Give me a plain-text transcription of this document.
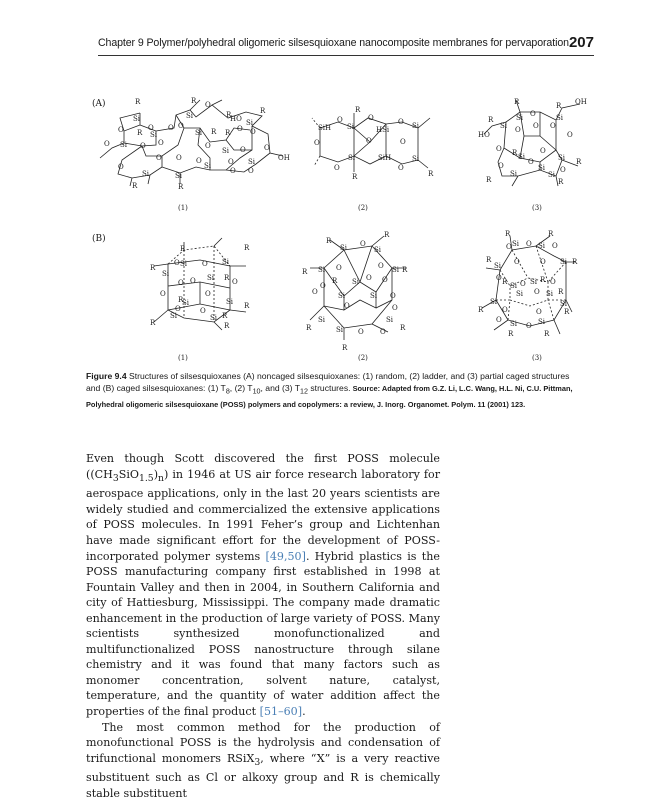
Chapter 9 Polymer/polyhedral oligomeric silsesquioxane nanocomposite membranes for pervaporation 207
(A)
(B)
R	R
Si	Si	R	R
O
O	O O O
HO Si
R Si	Si R R O O
Si O O	O
Si O	O
O
O O O	O Si	OH
O	Si
O
Si	Si
O
R	R
(1)
R
SiH Si	HSi
O Si
O	O
O	O	O
Si	SiH	Si
O	O
R	R
(2)
R	R OH
R	Si O	Si
Si
HO
O O O
O
O R Si
O
Si R
O	O
Si O
Si	Si
R	R
(3)
R	R
O Si O Si
R
Si
O O Si R O
O	O
R
Si	Si R
O	O
Si	Si R
R	R
(1)
R
R
Si O
Si
R Si O	O Si R
O
R Si O O
O	Si	Si O
O	O
Si	Si
R	Si O O R
R
(2)
R	R
O Si O Si O
R
Si O	O Si R
O R Si O Si R O
Si O Si R
Si	Si
R	O	O	R
O Si O Si
R	R
(3)
Figure 9.4 Structures of silsesquioxanes (A) noncaged silsesquioxanes: (1) random, (2) ladder, and (3) partial caged structures and (B) caged silsesquioxanes: (1) $T_8$, (2) $T_{10}$, and (3) $T_{12}$ structures. Source: Adapted from G.Z. Li, L.C. Wang, H.L. Ni, C.U. Pittman, Polyhedral oligomeric silsesquioxane (POSS) polymers and copolymers: a review, J. Inorg. Organomet. Polym. 11 (2001) 123.

Even though Scott discovered the first POSS molecule $((CH_3SiO_{1.5})_n)$ in 1946 at US air force research laboratory for aerospace applications, only in the last 20 years scientists are widely studied and commercialized the extensive applications of POSS molecules. In 1991 Feher’s group and Lichtenhan have made significant effort for the development of POSS-incorporated polymer systems [49,50]. Hybrid plastics is the POSS manufacturing company first established in 1998 at Fountain Valley and then in 2004, in Southern California and city of Hattiesburg, Mississippi. The company made dramatic enhancement in the production of large variety of POSS. Many scientists synthesized monofunctionalized and multifunctionalized POSS nanostructure through silane chemistry and it was found that many factors such as monomer concentration, solvent nature, catalyst, temperature, and the quantity of water addition affect the properties of the final product [51–60].

The most common method for the production of monofunctional POSS is the hydrolysis and condensation of trifunctional monomers RSiX$_3$, where “X” is a very reactive substituent such as Cl or alkoxy group and R is chemically stable substituent
